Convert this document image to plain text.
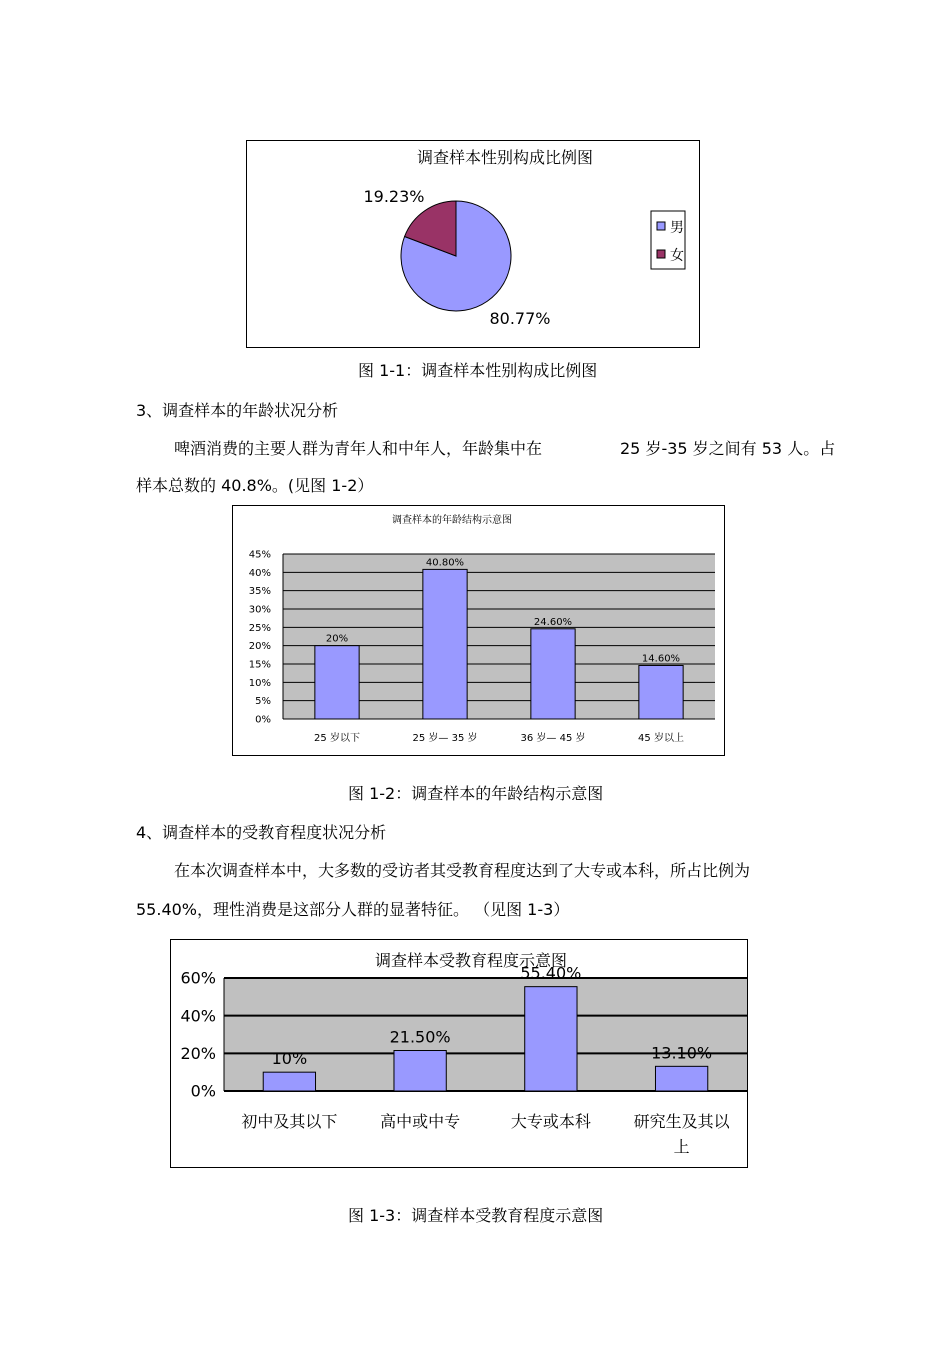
调查样本性别构成比例图
19.23%
80.77%
男
女
图 1-1：调查样本性别构成比例图
3、调查样本的年龄状况分析
啤酒消费的主要人群为青年人和中年人，年龄集中在	25 岁-35 岁之间有 53 人。占
样本总数的 40.8%。(见图 1-2）
调查样本的年龄结构示意图
0%
5%
10%
15%
20%
25%
30%
35%
40%
45%
20%
25 岁以下
40.80%
25 岁— 35 岁
24.60%
36 岁— 45 岁
14.60%
45 岁以上
图 1-2：调查样本的年龄结构示意图
4、调查样本的受教育程度状况分析
在本次调查样本中，大多数的受访者其受教育程度达到了大专或本科，所占比例为
55.40%，理性消费是这部分人群的显著特征。 （见图 1-3）
调查样本受教育程度示意图
0%
20%
40%
60%
10%
初中及其以下
21.50%
高中或中专
55.40%
大专或本科
13.10%
研究生及其以
上
图 1-3：调查样本受教育程度示意图
